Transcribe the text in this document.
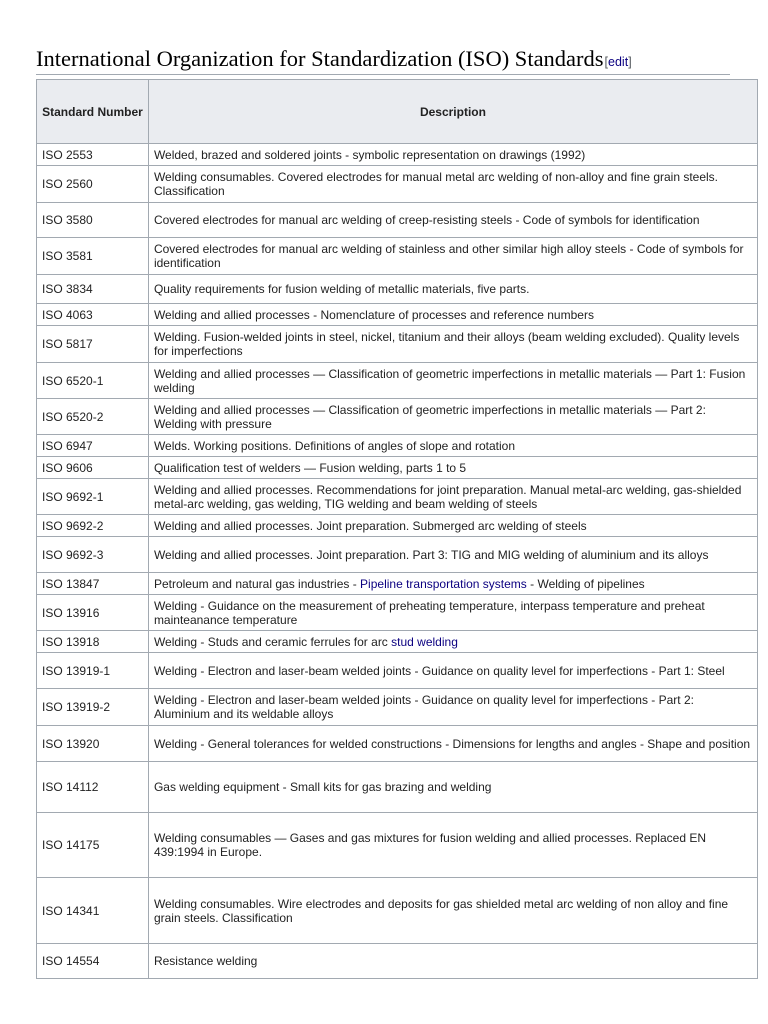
International Organization for Standardization (ISO) Standards[edit]
Standard Number	Description
ISO 2553	Welded, brazed and soldered joints - symbolic representation on drawings (1992)
ISO 2560	Welding consumables. Covered electrodes for manual metal arc welding of non-alloy and fine grain steels. Classification
ISO 3580	Covered electrodes for manual arc welding of creep-resisting steels - Code of symbols for identification
ISO 3581	Covered electrodes for manual arc welding of stainless and other similar high alloy steels - Code of symbols for identification
ISO 3834	Quality requirements for fusion welding of metallic materials, five parts.
ISO 4063	Welding and allied processes - Nomenclature of processes and reference numbers
ISO 5817	Welding. Fusion-welded joints in steel, nickel, titanium and their alloys (beam welding excluded). Quality levels for imperfections
ISO 6520-1	Welding and allied processes — Classification of geometric imperfections in metallic materials — Part 1: Fusion welding
ISO 6520-2	Welding and allied processes — Classification of geometric imperfections in metallic materials — Part 2: Welding with pressure
ISO 6947	Welds. Working positions. Definitions of angles of slope and rotation
ISO 9606	Qualification test of welders — Fusion welding, parts 1 to 5
ISO 9692-1	Welding and allied processes. Recommendations for joint preparation. Manual metal-arc welding, gas-shielded metal-arc welding, gas welding, TIG welding and beam welding of steels
ISO 9692-2	Welding and allied processes. Joint preparation. Submerged arc welding of steels
ISO 9692-3	Welding and allied processes. Joint preparation. Part 3: TIG and MIG welding of aluminium and its alloys
ISO 13847	Petroleum and natural gas industries - Pipeline transportation systems - Welding of pipelines
ISO 13916	Welding - Guidance on the measurement of preheating temperature, interpass temperature and preheat mainteanance temperature
ISO 13918	Welding - Studs and ceramic ferrules for arc stud welding
ISO 13919-1	Welding - Electron and laser-beam welded joints - Guidance on quality level for imperfections - Part 1: Steel
ISO 13919-2	Welding - Electron and laser-beam welded joints - Guidance on quality level for imperfections - Part 2: Aluminium and its weldable alloys
ISO 13920	Welding - General tolerances for welded constructions - Dimensions for lengths and angles - Shape and position
ISO 14112	Gas welding equipment - Small kits for gas brazing and welding
ISO 14175	Welding consumables — Gases and gas mixtures for fusion welding and allied processes. Replaced EN 439:1994 in Europe.
ISO 14341	Welding consumables. Wire electrodes and deposits for gas shielded metal arc welding of non alloy and fine grain steels. Classification
ISO 14554	Resistance welding
